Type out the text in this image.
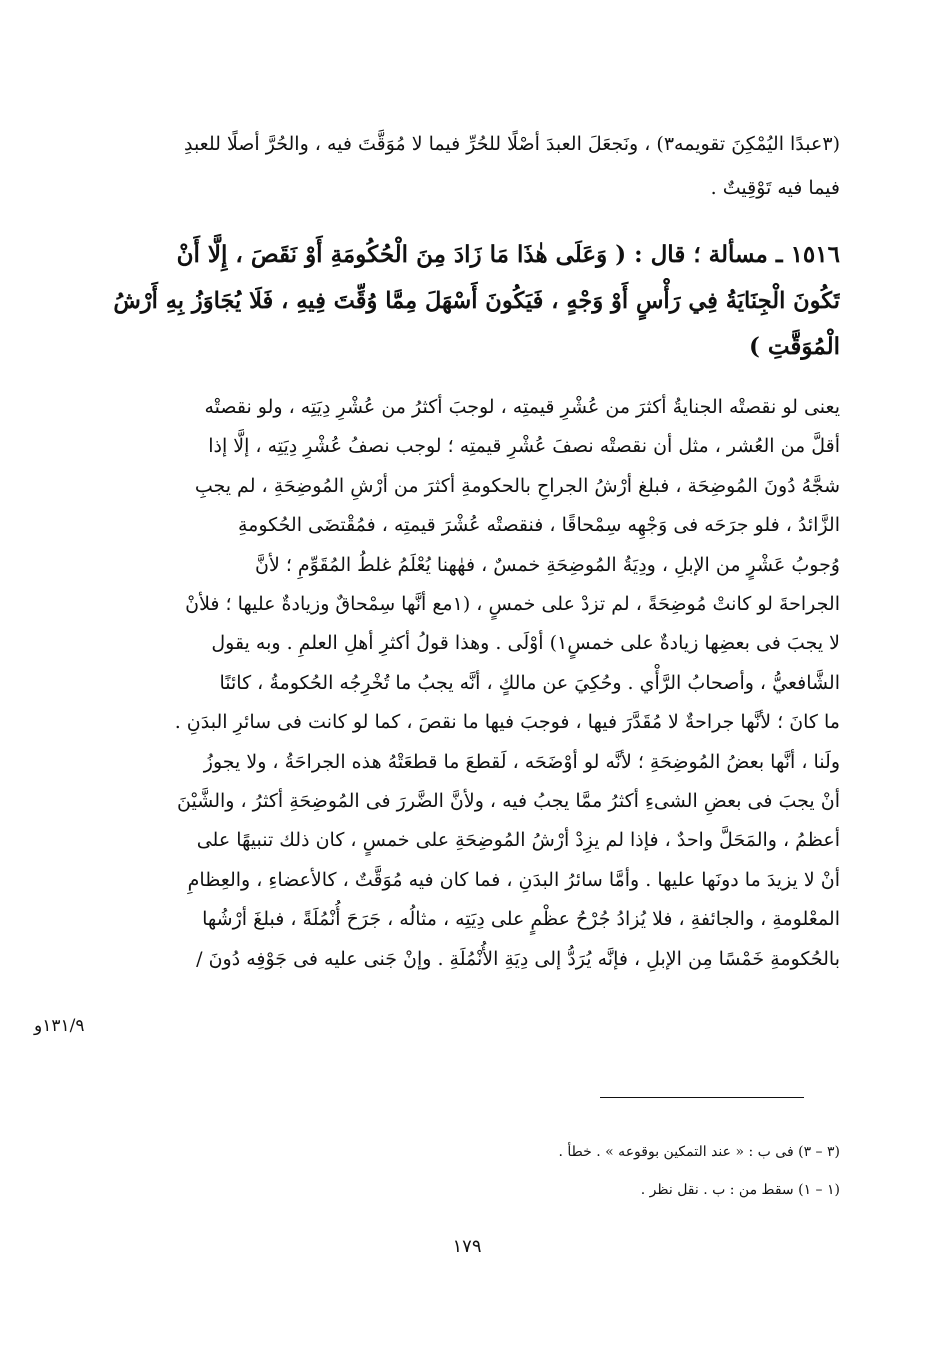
(٣عبدًا اليُمْكِنَ تقويمه٣) ، ونَجعَلَ العبدَ أصْلًا للحُرِّ فيما لا مُوَقَّتَ فيه ، والحُرَّ أصلًا للعبدِ
فيما فيه تَوْقِيتٌ .
١٥١٦ ـ مسألة ؛ قال : ( وَعَلَى هٰذَا مَا زَادَ مِنَ الْحُكُومَةِ أَوْ نَقَصَ ، إِلَّا أَنْ
تَكُونَ الْجِنَايَةُ فِي رَأْسٍ أَوْ وَجْهٍ ، فَيَكُونَ أَسْهَلَ مِمَّا وُقِّتَ فِيهِ ، فَلَا يُجَاوَزُ بِهِ أَرْشُ
الْمُوَقَّتِ )
يعنى لو نقصتْه الجنايةُ أكثرَ من عُشْرِ قيمتِه ، لوجبَ أكثرُ من عُشْرِ دِيَتِه ، ولو نقصتْه
أقلَّ من العُشر ، مثل أن نقصتْه نصفَ عُشْرِ قيمتِه ؛ لوجب نصفُ عُشْرِ دِيَتِه ، إلَّا إذا
شجَّهُ دُونَ المُوضِحَة ، فبلغ أرْشُ الجراحِ بالحكومةِ أكثرَ من أرْشِ المُوضِحَةِ ، لم يجبِ
الزَّائدُ ، فلو جرَحَه فى وَجْهِه سِمْحاقًا ، فنقصتْه عُشْرَ قيمتِه ، فمُقْتضَى الحُكومةِ
وُجوبُ عَشْرٍ من الإبلِ ، ودِيَةُ المُوضِحَةِ خمسٌ ، فهٰهنا يُعْلَمُ غلطُ المُقَوِّمِ ؛ لأنَّ
الجراحةَ لو كانتْ مُوضِحَةً ، لم تزدْ على خمسٍ ، (١مع أنَّها سِمْحاقٌ وزيادةٌ عليها ؛ فلأنْ
لا يجبَ فى بعضِها زيادةٌ على خمسٍ١) أوْلَى . وهذا قولُ أكثرِ أهلِ العلمِ . وبه يقول
الشَّافعيُّ ، وأصحابُ الرَّأْي . وحُكِيَ عن مالكٍ ، أنَّه يجبُ ما تُخْرِجُه الحُكومةُ ، كائنًا
ما كانَ ؛ لأنَّها جراحةٌ لا مُقَدَّرَ فيها ، فوجبَ فيها ما نقصَ ، كما لو كانت فى سائرِ البدَنِ .
ولَنا ، أنَّها بعضُ المُوضِحَةِ ؛ لأنَّه لو أوْضَحَه ، لَقطعَ ما قطعَتْهُ هذه الجراحَةُ ، ولا يجوزُ
أنْ يجبَ فى بعضِ الشىءِ أكثرُ ممَّا يجبُ فيه ، ولأنَّ الضَّررَ فى المُوضِحَةِ أكثرُ ، والشَّيْنَ
أعظمُ ، والمَحَلَّ واحدٌ ، فإذا لم يزِدْ أرْشُ المُوضِحَةِ على خمسٍ ، كان ذلك تنبيهًا على
أنْ لا يزيدَ ما دونَها عليها . وأمَّا سائرُ البدَنِ ، فما كان فيه مُوَقَّتٌ ، كالأعضاءِ ، والعِظامِ
المعْلومةِ ، والجائفةِ ، فلا يُزادُ جُرْحُ عظْمٍ على دِيَتِه ، مثالُه ، جَرَحَ أُنْمُلَةً ، فبلغَ أرْشُها
بالحُكومةِ خَمْسًا مِن الإبلِ ، فإنَّه يُرَدُّ إلى دِيَةِ الأُنْمُلَةِ . وإنْ جَنى عليه فى جَوْفِه دُونَ /
١٣١/٩و
(٣ – ٣) فى ب : « عند التمكين بوقوعه » . خطأ .
(١ – ١) سقط من : ب . نقل نظر .
١٧٩
